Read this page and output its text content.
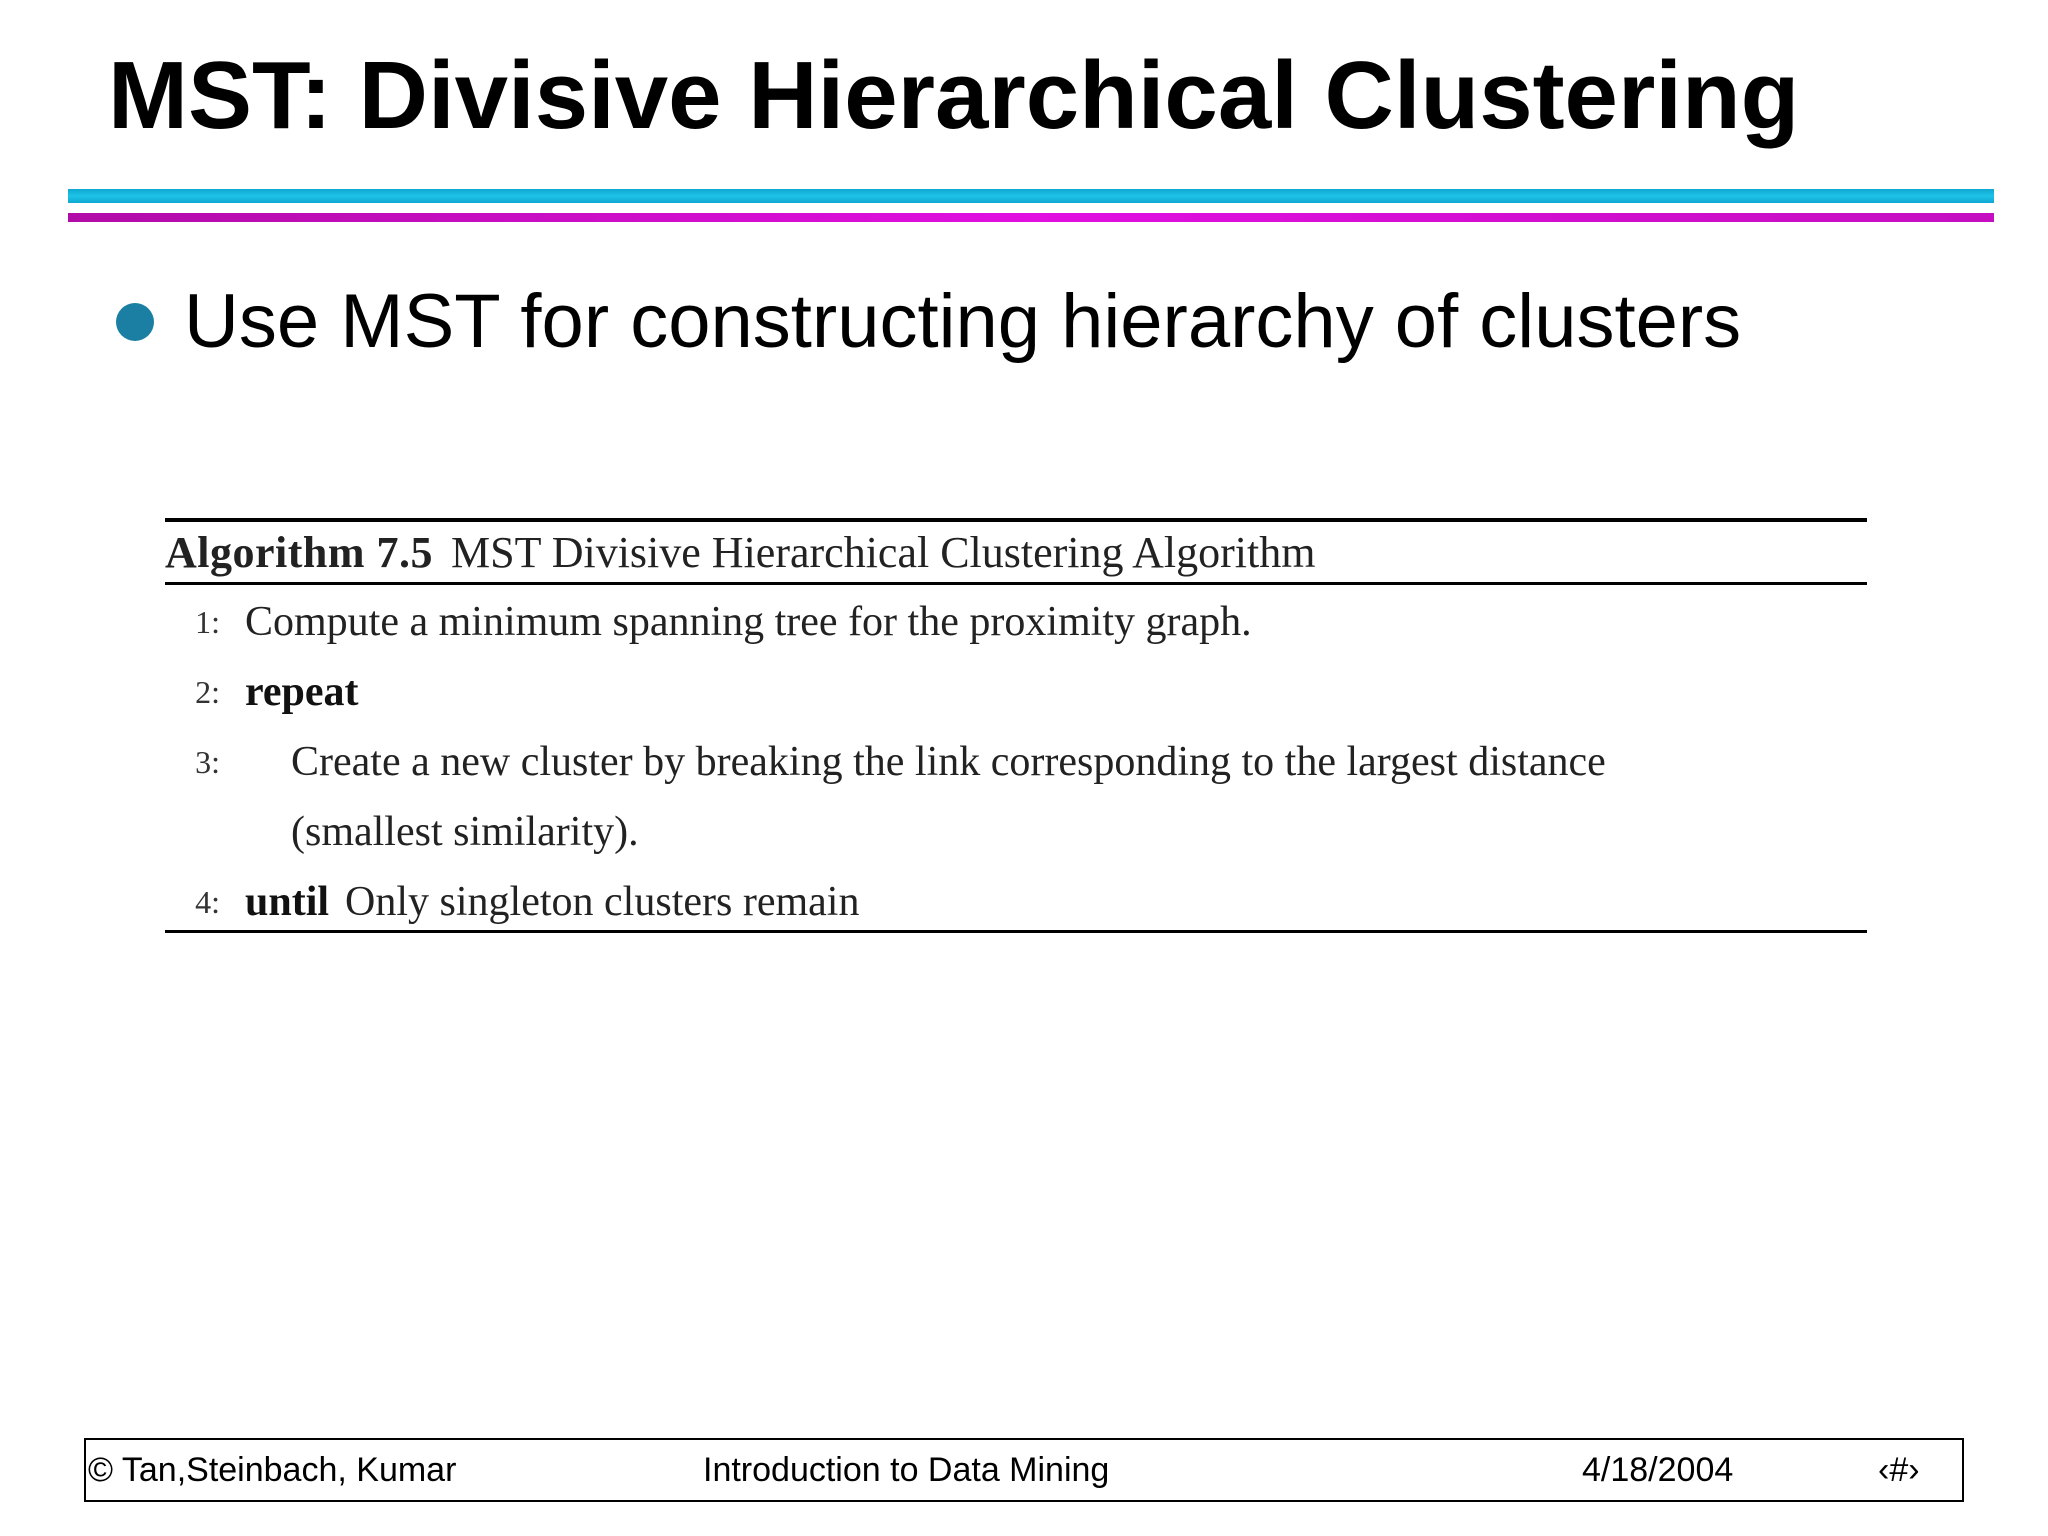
MST: Divisive Hierarchical Clustering
Use MST for constructing hierarchy of clusters
Algorithm 7.5 MST Divisive Hierarchical Clustering Algorithm
1: Compute a minimum spanning tree for the proximity graph.
2: repeat
3:	Create a new cluster by breaking the link corresponding to the largest distance
(smallest similarity).
4: until Only singleton clusters remain
© Tan,Steinbach, Kumar	Introduction to Data Mining	4/18/2004	‹#›
